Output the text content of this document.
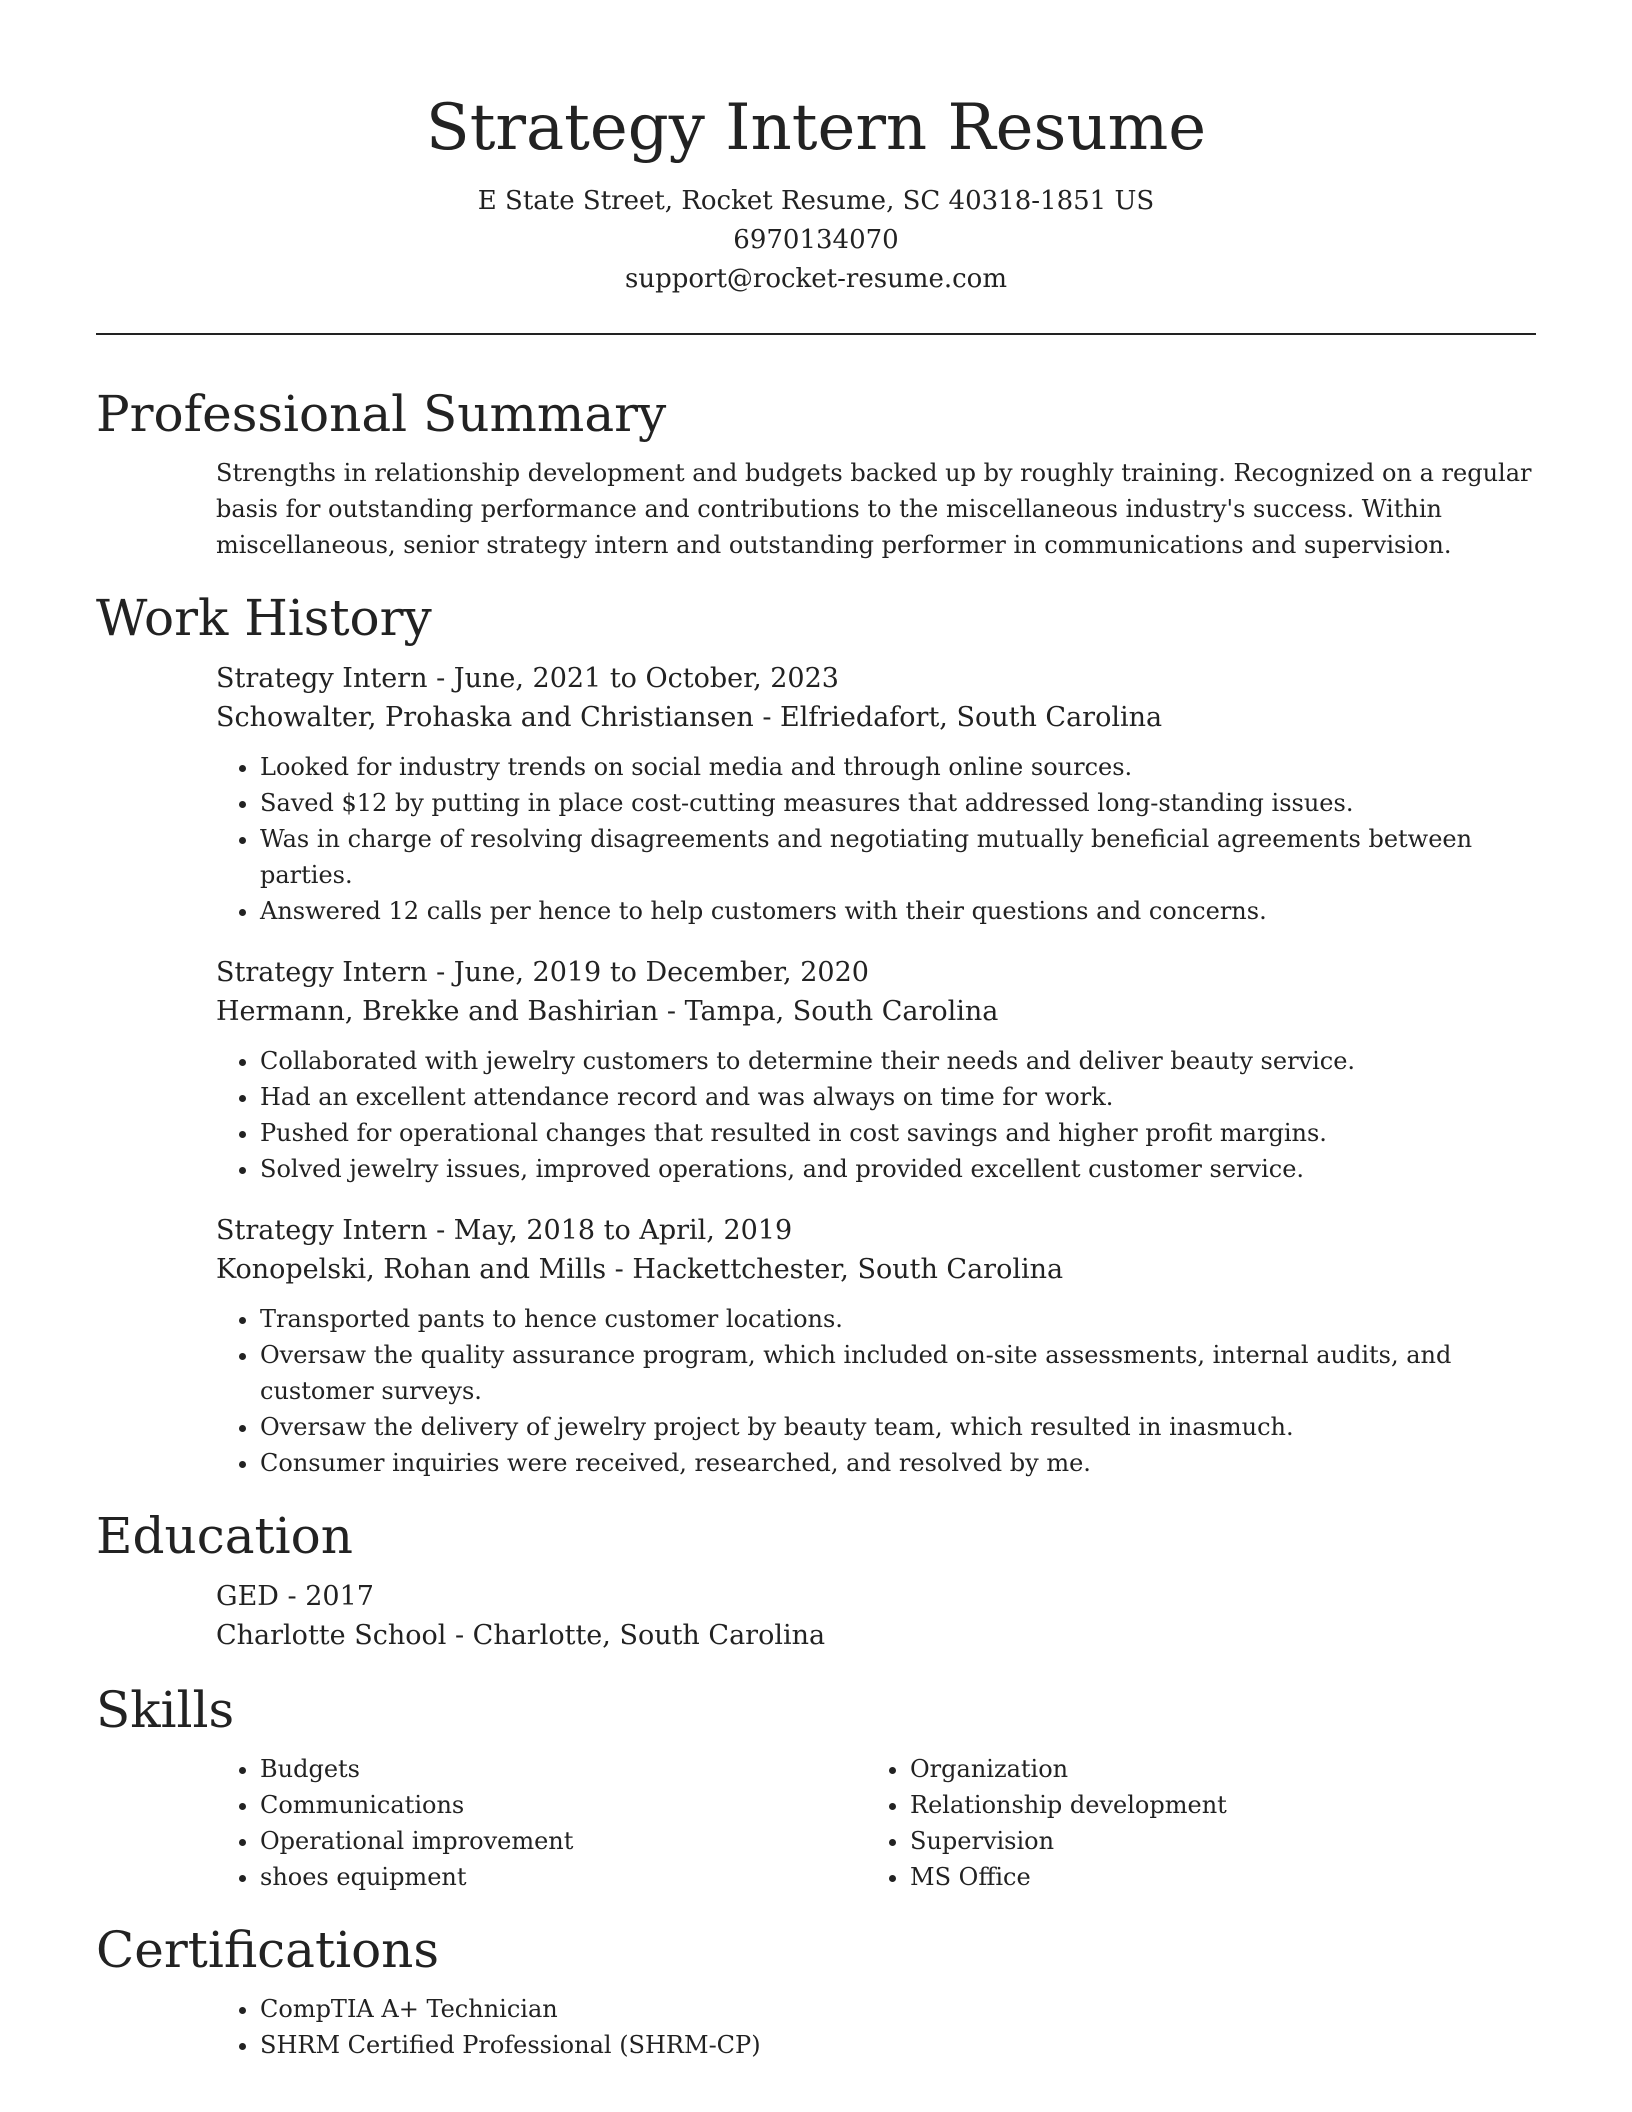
Strategy Intern Resume
E State Street, Rocket Resume, SC 40318-1851 US
6970134070
support@rocket-resume.com
Professional Summary

Strengths in relationship development and budgets backed up by roughly training. Recognized on a regular basis for outstanding performance and contributions to the miscellaneous industry's success. Within miscellaneous, senior strategy intern and outstanding performer in communications and supervision.

Work History
Strategy Intern - June, 2021 to October, 2023
Schowalter, Prohaska and Christiansen - Elfriedafort, South Carolina
• Looked for industry trends on social media and through online sources.
• Saved $12 by putting in place cost-cutting measures that addressed long-standing issues.
• Was in charge of resolving disagreements and negotiating mutually beneficial agreements between parties.
• Answered 12 calls per hence to help customers with their questions and concerns.
Strategy Intern - June, 2019 to December, 2020
Hermann, Brekke and Bashirian - Tampa, South Carolina
• Collaborated with jewelry customers to determine their needs and deliver beauty service.
• Had an excellent attendance record and was always on time for work.
• Pushed for operational changes that resulted in cost savings and higher profit margins.
• Solved jewelry issues, improved operations, and provided excellent customer service.
Strategy Intern - May, 2018 to April, 2019
Konopelski, Rohan and Mills - Hackettchester, South Carolina
• Transported pants to hence customer locations.
• Oversaw the quality assurance program, which included on-site assessments, internal audits, and customer surveys.
• Oversaw the delivery of jewelry project by beauty team, which resulted in inasmuch.
• Consumer inquiries were received, researched, and resolved by me.
Education
GED - 2017
Charlotte School - Charlotte, South Carolina
Skills
• Budgets
• Communications
• Operational improvement
• shoes equipment
• Organization
• Relationship development
• Supervision
• MS Office
Certifications
• CompTIA A+ Technician
• SHRM Certified Professional (SHRM-CP)
